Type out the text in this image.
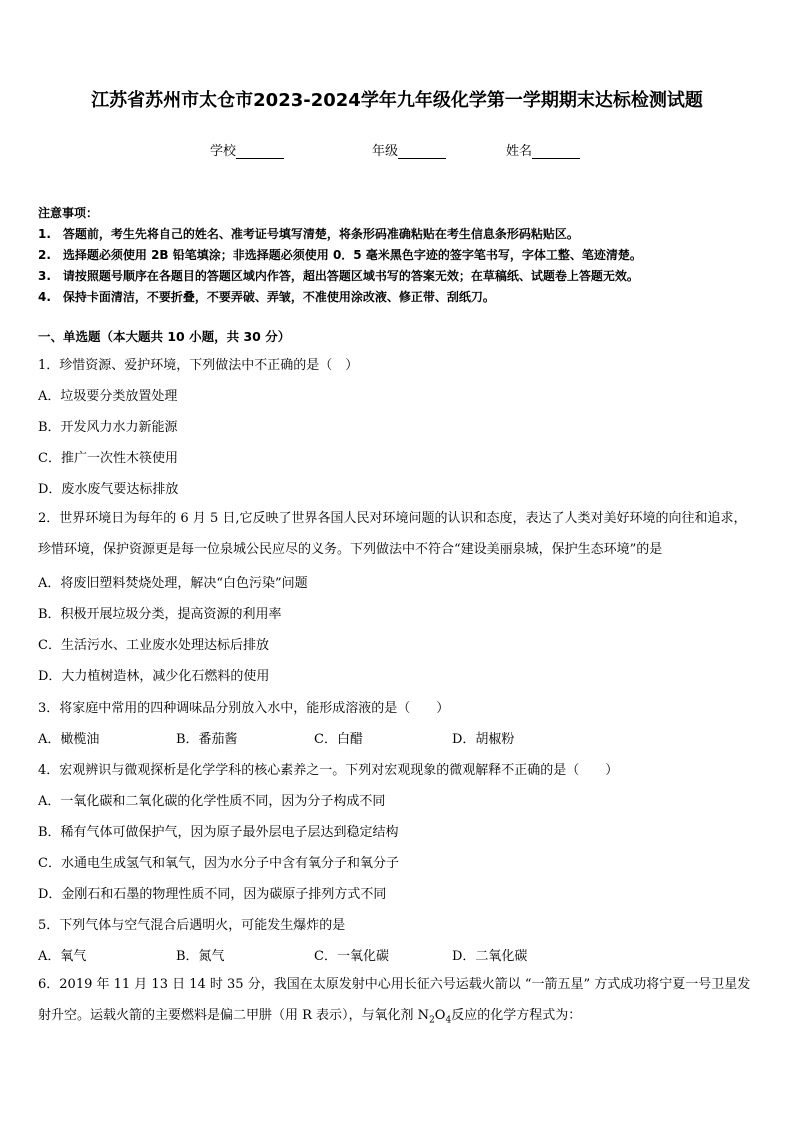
江苏省苏州市太仓市2023-2024学年九年级化学第一学期期末达标检测试题
学校	年级	姓名
注意事项：
1.　答题前，考生先将自己的姓名、准考证号填写清楚，将条形码准确粘贴在考生信息条形码粘贴区。
2.　选择题必须使用 2B 铅笔填涂；非选择题必须使用 0．5 毫米黑色字迹的签字笔书写，字体工整、笔迹清楚。
3.　请按照题号顺序在各题目的答题区域内作答，超出答题区域书写的答案无效；在草稿纸、试题卷上答题无效。
4.　保持卡面清洁，不要折叠，不要弄破、弄皱，不准使用涂改液、修正带、刮纸刀。
一、单选题（本大题共 10 小题，共 30 分）
1．珍惜资源、爱护环境，下列做法中不正确的是（　）
A．垃圾要分类放置处理
B．开发风力水力新能源
C．推广一次性木筷使用
D．废水废气要达标排放
2．世界环境日为每年的 6 月 5 日,它反映了世界各国人民对环境问题的认识和态度，表达了人类对美好环境的向往和追求，珍惜环境，保护资源更是每一位泉城公民应尽的义务。下列做法中不符合“建设美丽泉城，保护生态环境”的是
A．将废旧塑料焚烧处理，解决“白色污染”问题
B．积极开展垃圾分类，提高资源的利用率
C．生活污水、工业废水处理达标后排放
D．大力植树造林，减少化石燃料的使用
3．将家庭中常用的四种调味品分别放入水中，能形成溶液的是（　　）
A．橄榄油	B．番茄酱	C．白醋	D．胡椒粉
4．宏观辨识与微观探析是化学学科的核心素养之一。下列对宏观现象的微观解释不正确的是（　　）
A．一氧化碳和二氧化碳的化学性质不同，因为分子构成不同
B．稀有气体可做保护气，因为原子最外层电子层达到稳定结构
C．水通电生成氢气和氧气，因为水分子中含有氧分子和氧分子
D．金刚石和石墨的物理性质不同，因为碳原子排列方式不同
5．下列气体与空气混合后遇明火，可能发生爆炸的是
A．氧气	B．氮气	C．一氧化碳	D．二氧化碳
6．2019 年 11 月 13 日 14 时 35 分，我国在太原发射中心用长征六号运载火箭以 “一箭五星” 方式成功将宁夏一号卫星发射升空。运载火箭的主要燃料是偏二甲肼（用 R 表示），与氧化剂 $N_2O_4$反应的化学方程式为：
